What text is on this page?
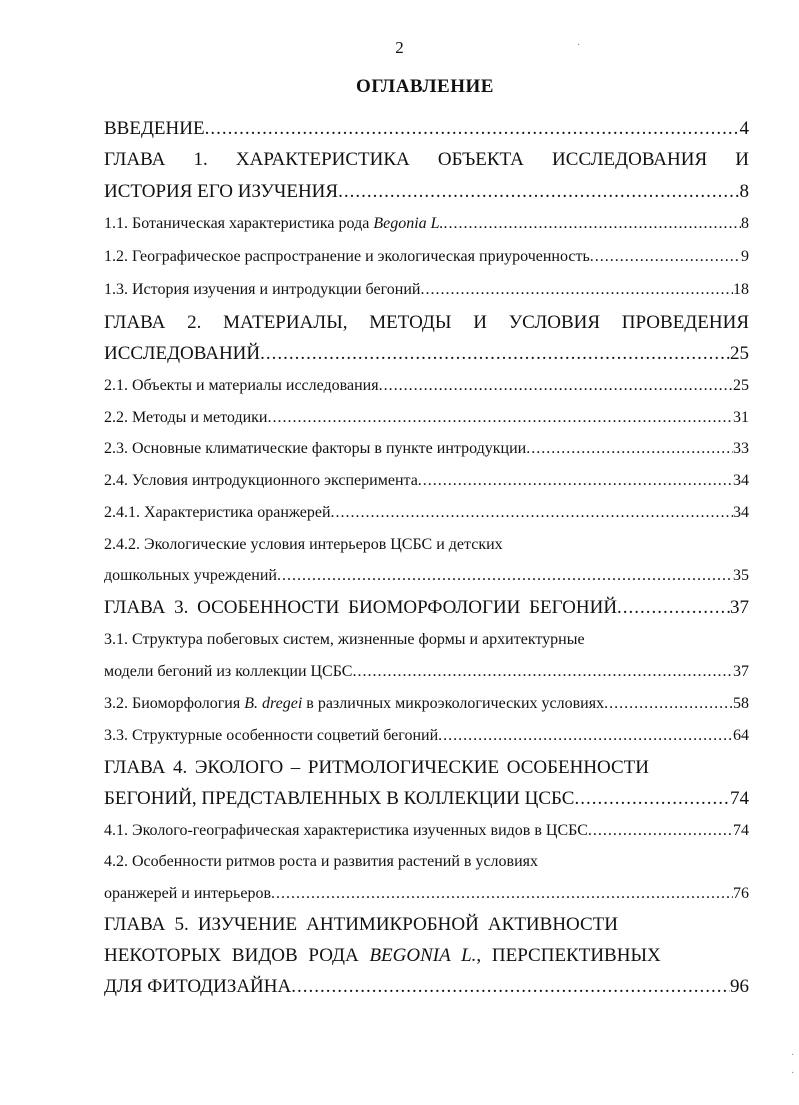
2	·
ОГЛАВЛЕНИЕ
ВВЕДЕНИЕ .....	4
ГЛАВА 1. ХАРАКТЕРИСТИКА ОБЪЕКТА ИССЛЕДОВАНИЯ И
ИСТОРИЯ ЕГО ИЗУЧЕНИЯ .....	8
1.1. Ботаническая характеристика рода Begonia L. .....	8
1.2. Географическое распространение и экологическая приуроченность .....	9
1.3. История изучения и интродукции бегоний .....	18
ГЛАВА 2. МАТЕРИАЛЫ, МЕТОДЫ И УСЛОВИЯ ПРОВЕДЕНИЯ
ИССЛЕДОВАНИЙ .....	25
2.1. Объекты и материалы исследования .....	25
2.2. Методы и методики .....	31
2.3. Основные климатические факторы в пункте интродукции .....	33
2.4. Условия интродукционного эксперимента .....	34
2.4.1. Характеристика оранжерей .....	34
2.4.2. Экологические условия интерьеров ЦСБС и детских
дошкольных учреждений .....	35
ГЛАВА 3. ОСОБЕННОСТИ БИОМОРФОЛОГИИ БЕГОНИЙ .....	37
3.1. Структура побеговых систем, жизненные формы и архитектурные
модели бегоний из коллекции ЦСБС .....	37
3.2. Биоморфология B. dregei в различных микроэкологических условиях .....	58
3.3. Структурные особенности соцветий бегоний .....	64
ГЛАВА 4. ЭКОЛОГО – РИТМОЛОГИЧЕСКИЕ ОСОБЕННОСТИ
БЕГОНИЙ, ПРЕДСТАВЛЕННЫХ В КОЛЛЕКЦИИ ЦСБС .....	74
4.1. Эколого-географическая характеристика изученных видов в ЦСБС .....	74
4.2. Особенности ритмов роста и развития растений в условиях
оранжерей и интерьеров .....	76
ГЛАВА 5. ИЗУЧЕНИЕ АНТИМИКРОБНОЙ АКТИВНОСТИ
НЕКОТОРЫХ ВИДОВ РОДА BEGONIA L., ПЕРСПЕКТИВНЫХ
ДЛЯ ФИТОДИЗАЙНА .....	96
·
·
